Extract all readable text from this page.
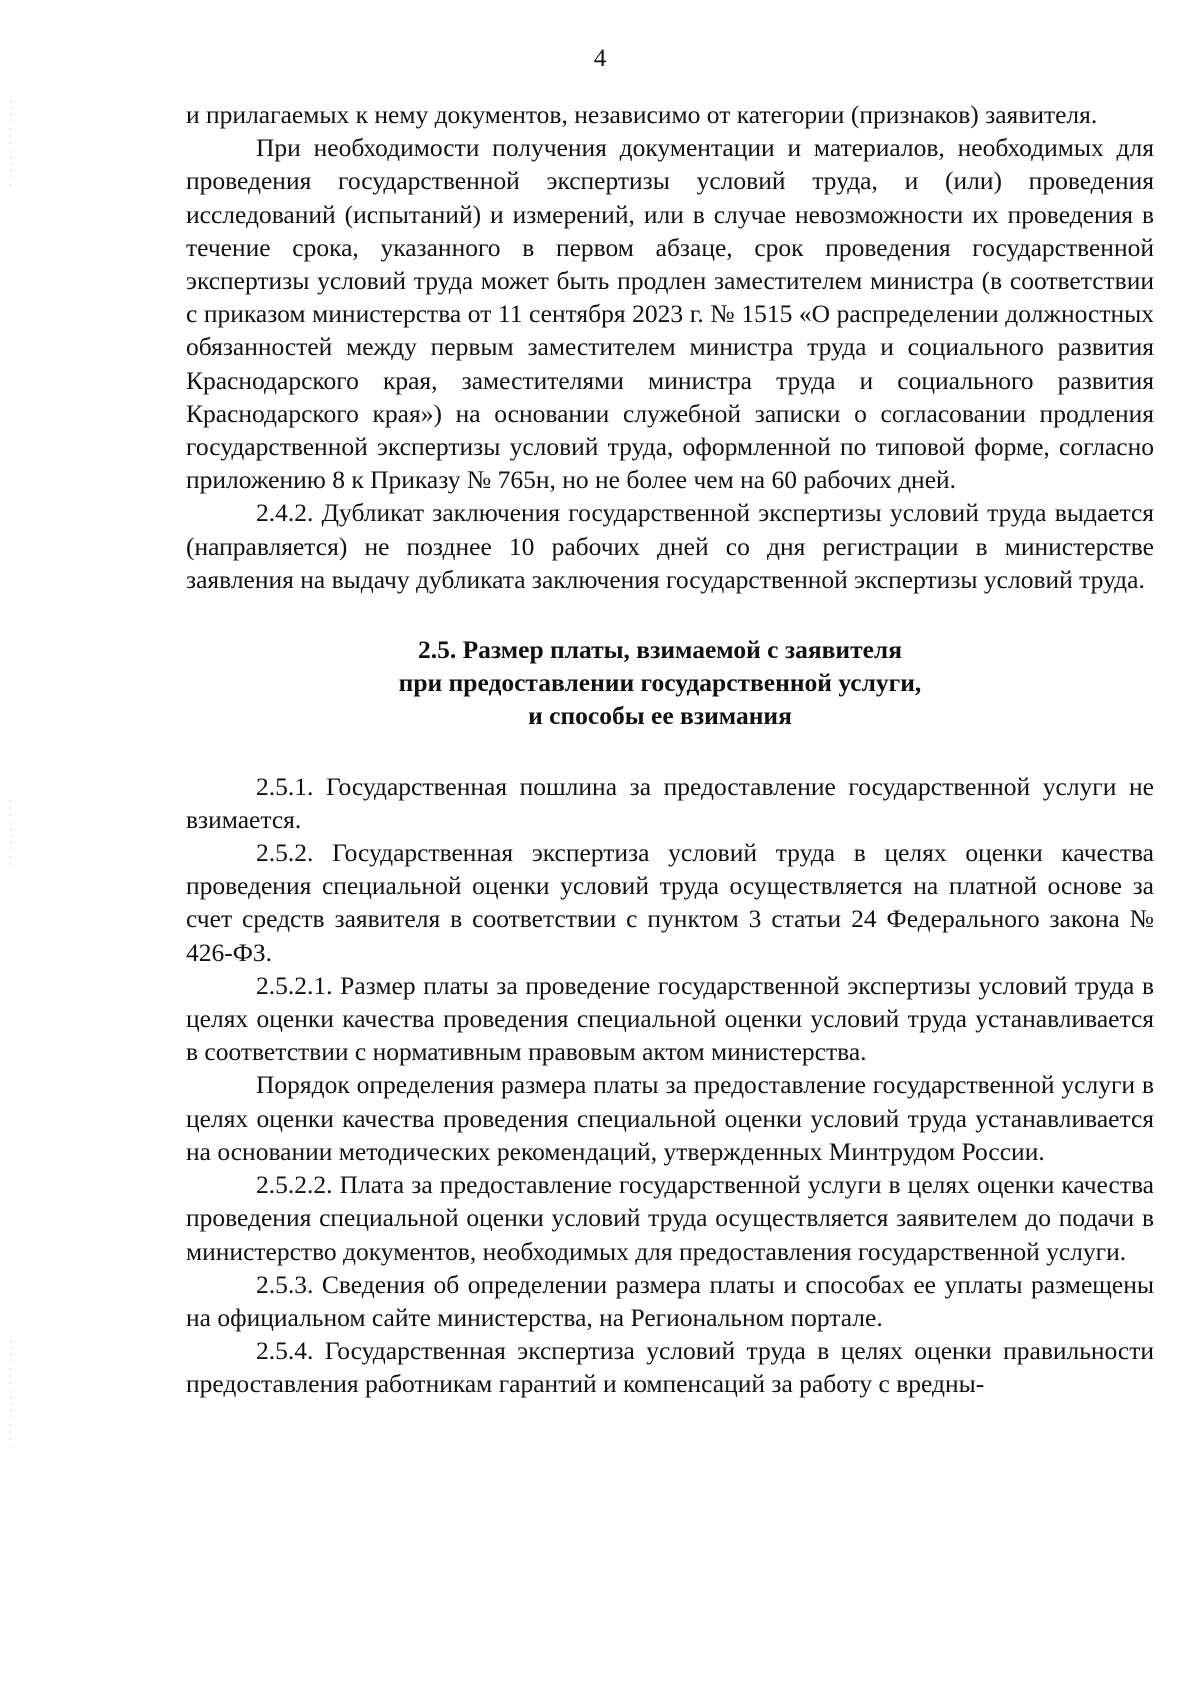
4

и прилагаемых к нему документов, независимо от категории (признаков) заявителя.

При необходимости получения документации и материалов, необходимых для проведения государственной экспертизы условий труда, и (или) проведения исследований (испытаний) и измерений, или в случае невозможности их проведения в течение срока, указанного в первом абзаце, срок проведения государственной экспертизы условий труда может быть продлен заместителем министра (в соответствии с приказом министерства от 11 сентября 2023 г. № 1515 «О распределении должностных обязанностей между первым заместителем министра труда и социального развития Краснодарского края, заместителями министра труда и социального развития Краснодарского края») на основании служебной записки о согласовании продления государственной экспертизы условий труда, оформленной по типовой форме, согласно приложению 8 к Приказу № 765н, но не более чем на 60 рабочих дней.

2.4.2. Дубликат заключения государственной экспертизы условий труда выдается (направляется) не позднее 10 рабочих дней со дня регистрации в министерстве заявления на выдачу дубликата заключения государственной экспертизы условий труда.

2.5. Размер платы, взимаемой с заявителя
при предоставлении государственной услуги,
и способы ее взимания

2.5.1. Государственная пошлина за предоставление государственной услуги не взимается.

2.5.2. Государственная экспертиза условий труда в целях оценки качества проведения специальной оценки условий труда осуществляется на платной основе за счет средств заявителя в соответствии с пунктом 3 статьи 24 Федерального закона № 426-ФЗ.

2.5.2.1. Размер платы за проведение государственной экспертизы условий труда в целях оценки качества проведения специальной оценки условий труда устанавливается в соответствии с нормативным правовым актом министерства.

Порядок определения размера платы за предоставление государственной услуги в целях оценки качества проведения специальной оценки условий труда устанавливается на основании методических рекомендаций, утвержденных Минтрудом России.

2.5.2.2. Плата за предоставление государственной услуги в целях оценки качества проведения специальной оценки условий труда осуществляется заявителем до подачи в министерство документов, необходимых для предоставления государственной услуги.

2.5.3. Сведения об определении размера платы и способах ее уплаты размещены на официальном сайте министерства, на Региональном портале.

2.5.4. Государственная экспертиза условий труда в целях оценки правильности предоставления работникам гарантий и компенсаций за работу с вредны-
